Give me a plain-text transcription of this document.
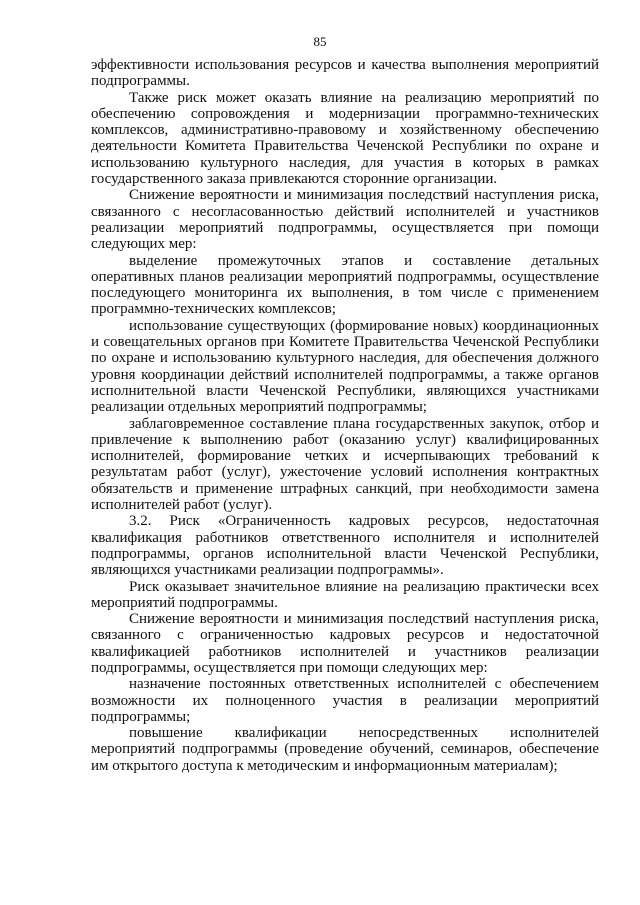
85

эффективности использования ресурсов и качества выполнения мероприятий подпрограммы.

Также риск может оказать влияние на реализацию мероприятий по обеспечению сопровождения и модернизации программно-технических комплексов, административно-правовому и хозяйственному обеспечению деятельности Комитета Правительства Чеченской Республики по охране и использованию культурного наследия, для участия в которых в рамках государственного заказа привлекаются сторонние организации.

Снижение вероятности и минимизация последствий наступления риска, связанного с несогласованностью действий исполнителей и участников реализации мероприятий подпрограммы, осуществляется при помощи следующих мер:

выделение промежуточных этапов и составление детальных оперативных планов реализации мероприятий подпрограммы, осуществление последующего мониторинга их выполнения, в том числе с применением программно-технических комплексов;

использование существующих (формирование новых) координационных и совещательных органов при Комитете Правительства Чеченской Республики по охране и использованию культурного наследия, для обеспечения должного уровня координации действий исполнителей подпрограммы, а также органов исполнительной власти Чеченской Республики, являющихся участниками реализации отдельных мероприятий подпрограммы;

заблаговременное составление плана государственных закупок, отбор и привлечение к выполнению работ (оказанию услуг) квалифицированных исполнителей, формирование четких и исчерпывающих требований к результатам работ (услуг), ужесточение условий исполнения контрактных обязательств и применение штрафных санкций, при необходимости замена исполнителей работ (услуг).

3.2. Риск «Ограниченность кадровых ресурсов, недостаточная квалификация работников ответственного исполнителя и исполнителей подпрограммы, органов исполнительной власти Чеченской Республики, являющихся участниками реализации подпрограммы».

Риск оказывает значительное влияние на реализацию практически всех мероприятий подпрограммы.

Снижение вероятности и минимизация последствий наступления риска, связанного с ограниченностью кадровых ресурсов и недостаточной квалификацией работников исполнителей и участников реализации подпрограммы, осуществляется при помощи следующих мер:

назначение постоянных ответственных исполнителей с обеспечением возможности их полноценного участия в реализации мероприятий подпрограммы;

повышение квалификации непосредственных исполнителей мероприятий подпрограммы (проведение обучений, семинаров, обеспечение им открытого доступа к методическим и информационным материалам);
